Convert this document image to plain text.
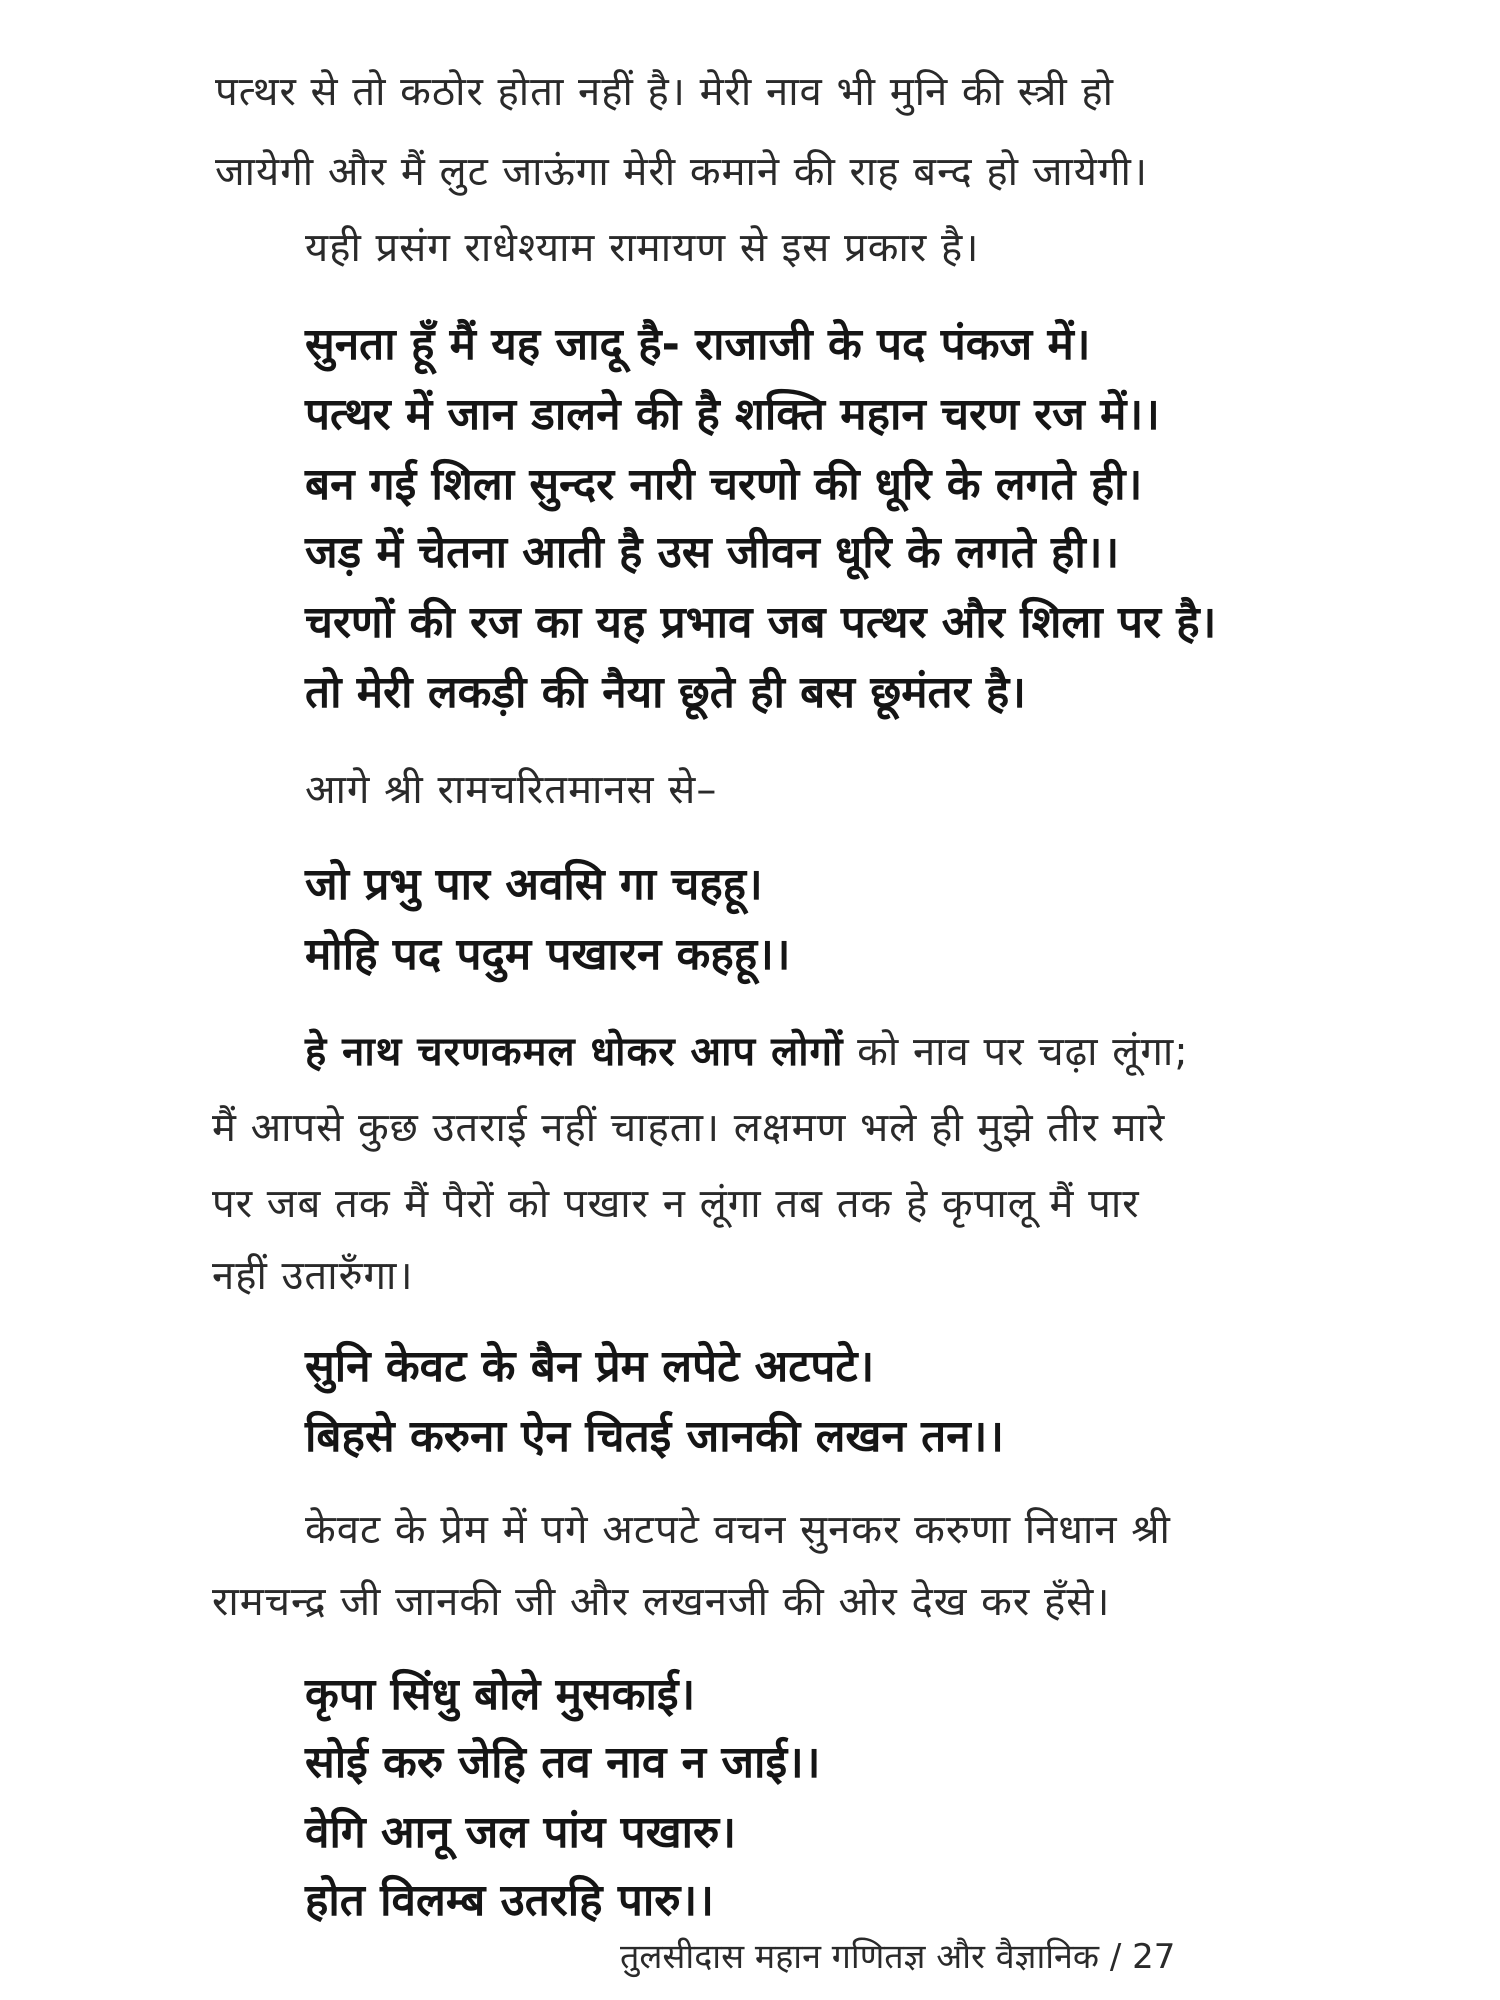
पत्थर से तो कठोर होता नहीं है। मेरी नाव भी मुनि की स्त्री हो
जायेगी और मैं लुट जाऊंगा मेरी कमाने की राह बन्द हो जायेगी।
यही प्रसंग राधेश्याम रामायण से इस प्रकार है।
सुनता हूँ मैं यह जादू है- राजाजी के पद पंकज में।
पत्थर में जान डालने की है शक्ति महान चरण रज में।।
बन गई शिला सुन्दर नारी चरणो की धूरि के लगते ही।
जड़ में चेतना आती है उस जीवन धूरि के लगते ही।।
चरणों की रज का यह प्रभाव जब पत्थर और शिला पर है।
तो मेरी लकड़ी की नैया छूते ही बस छूमंतर है।
आगे श्री रामचरितमानस से–
जो प्रभु पार अवसि गा चहहू।
मोहि पद पदुम पखारन कहहू।।
हे नाथ चरणकमल धोकर आप लोगों को नाव पर चढ़ा लूंगा;
मैं आपसे कुछ उतराई नहीं चाहता। लक्षमण भले ही मुझे तीर मारे
पर जब तक मैं पैरों को पखार न लूंगा तब तक हे कृपालू मैं पार
नहीं उतारुँगा।
सुनि केवट के बैन प्रेम लपेटे अटपटे।
बिहसे करुना ऐन चितई जानकी लखन तन।।
केवट के प्रेम में पगे अटपटे वचन सुनकर करुणा निधान श्री
रामचन्द्र जी जानकी जी और लखनजी की ओर देख कर हँसे।
कृपा सिंधु बोले मुसकाई।
सोई करु जेहि तव नाव न जाई।।
वेगि आनू जल पांय पखारु।
होत विलम्ब उतरहि पारु।।
तुलसीदास महान गणितज्ञ और वैज्ञानिक / 27
